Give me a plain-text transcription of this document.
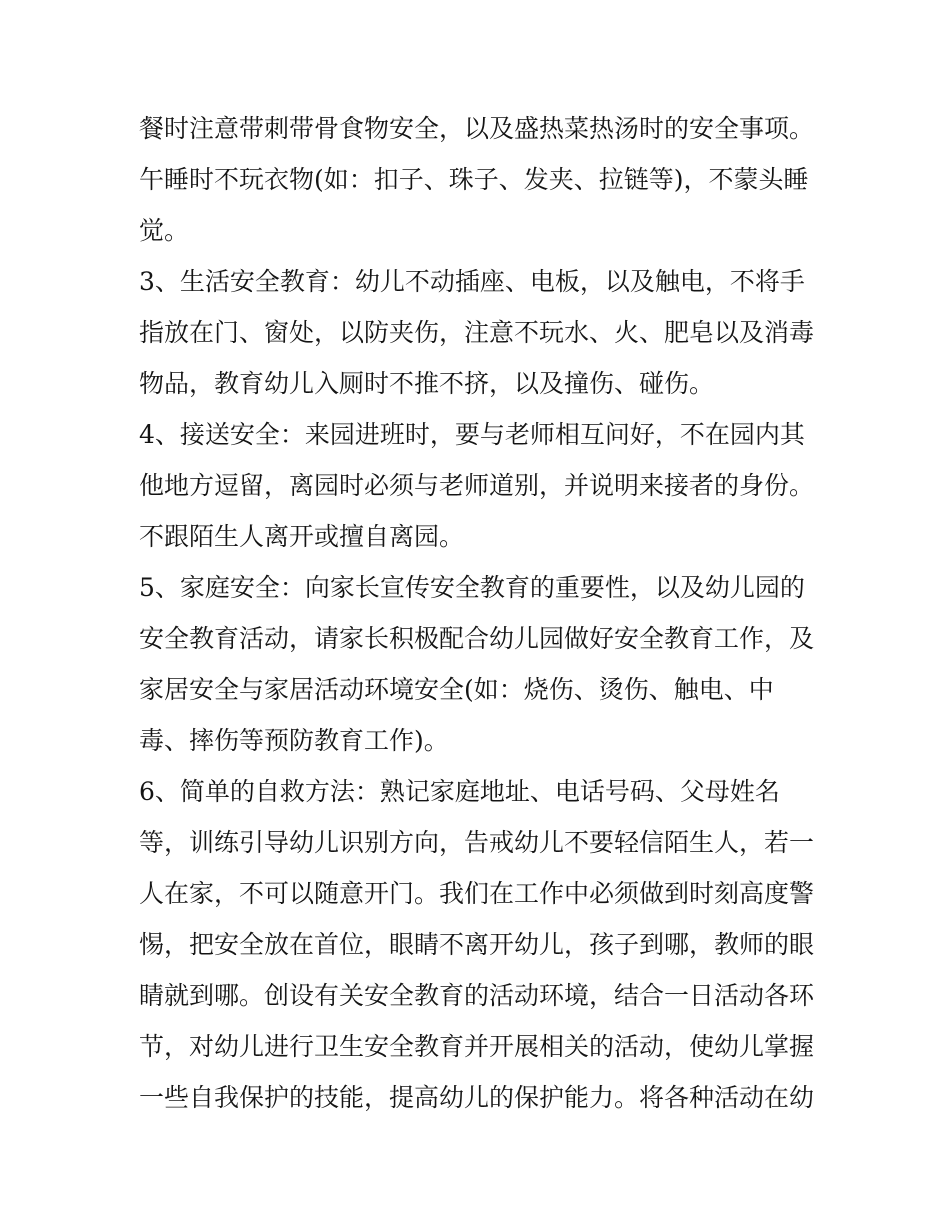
餐时注意带刺带骨食物安全，以及盛热菜热汤时的安全事项。
午睡时不玩衣物(如：扣子、珠子、发夹、拉链等)，不蒙头睡
觉。
3、生活安全教育：幼儿不动插座、电板，以及触电，不将手
指放在门、窗处，以防夹伤，注意不玩水、火、肥皂以及消毒
物品，教育幼儿入厕时不推不挤，以及撞伤、碰伤。
4、接送安全：来园进班时，要与老师相互问好，不在园内其
他地方逗留，离园时必须与老师道别，并说明来接者的身份。
不跟陌生人离开或擅自离园。
5、家庭安全：向家长宣传安全教育的重要性，以及幼儿园的
安全教育活动，请家长积极配合幼儿园做好安全教育工作，及
家居安全与家居活动环境安全(如：烧伤、烫伤、触电、中
毒、摔伤等预防教育工作)。
6、简单的自救方法：熟记家庭地址、电话号码、父母姓名
等，训练引导幼儿识别方向，告戒幼儿不要轻信陌生人，若一
人在家，不可以随意开门。我们在工作中必须做到时刻高度警
惕，把安全放在首位，眼睛不离开幼儿，孩子到哪，教师的眼
睛就到哪。创设有关安全教育的活动环境，结合一日活动各环
节，对幼儿进行卫生安全教育并开展相关的活动，使幼儿掌握
一些自我保护的技能，提高幼儿的保护能力。将各种活动在幼
